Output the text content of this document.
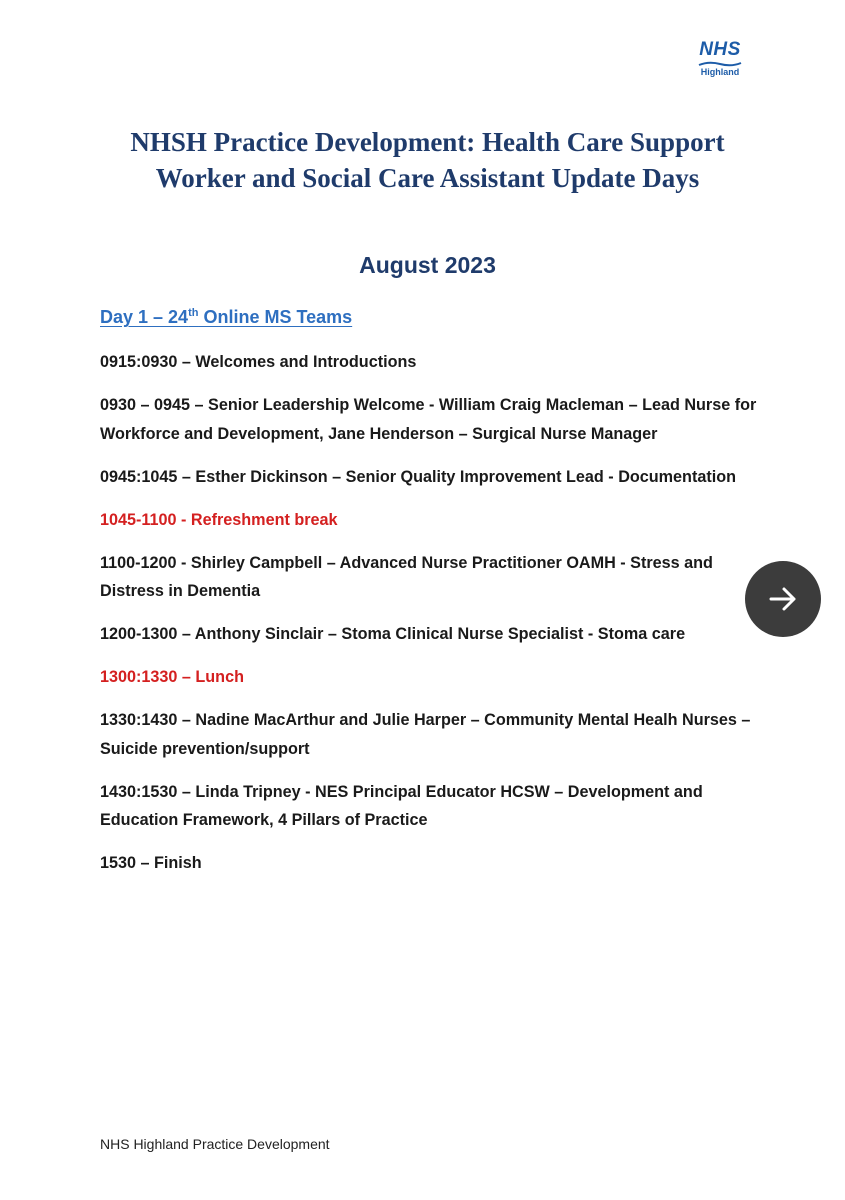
NHS
Highland
NHSH Practice Development: Health Care Support
Worker and Social Care Assistant Update Days
August 2023
Day 1 – 24th Online MS Teams
0915:0930 – Welcomes and Introductions
0930 – 0945 – Senior Leadership Welcome - William Craig Macleman – Lead Nurse for Workforce and Development, Jane Henderson – Surgical Nurse Manager
0945:1045 – Esther Dickinson – Senior Quality Improvement Lead - Documentation
1045-1100 - Refreshment break
1100-1200 - Shirley Campbell – Advanced Nurse Practitioner OAMH - Stress and Distress in Dementia
1200-1300 – Anthony Sinclair – Stoma Clinical Nurse Specialist - Stoma care
1300:1330 – Lunch
1330:1430 – Nadine MacArthur and Julie Harper – Community Mental Healh Nurses – Suicide prevention/support
1430:1530 – Linda Tripney - NES Principal Educator HCSW – Development and Education Framework, 4 Pillars of Practice
1530 – Finish
NHS Highland Practice Development
